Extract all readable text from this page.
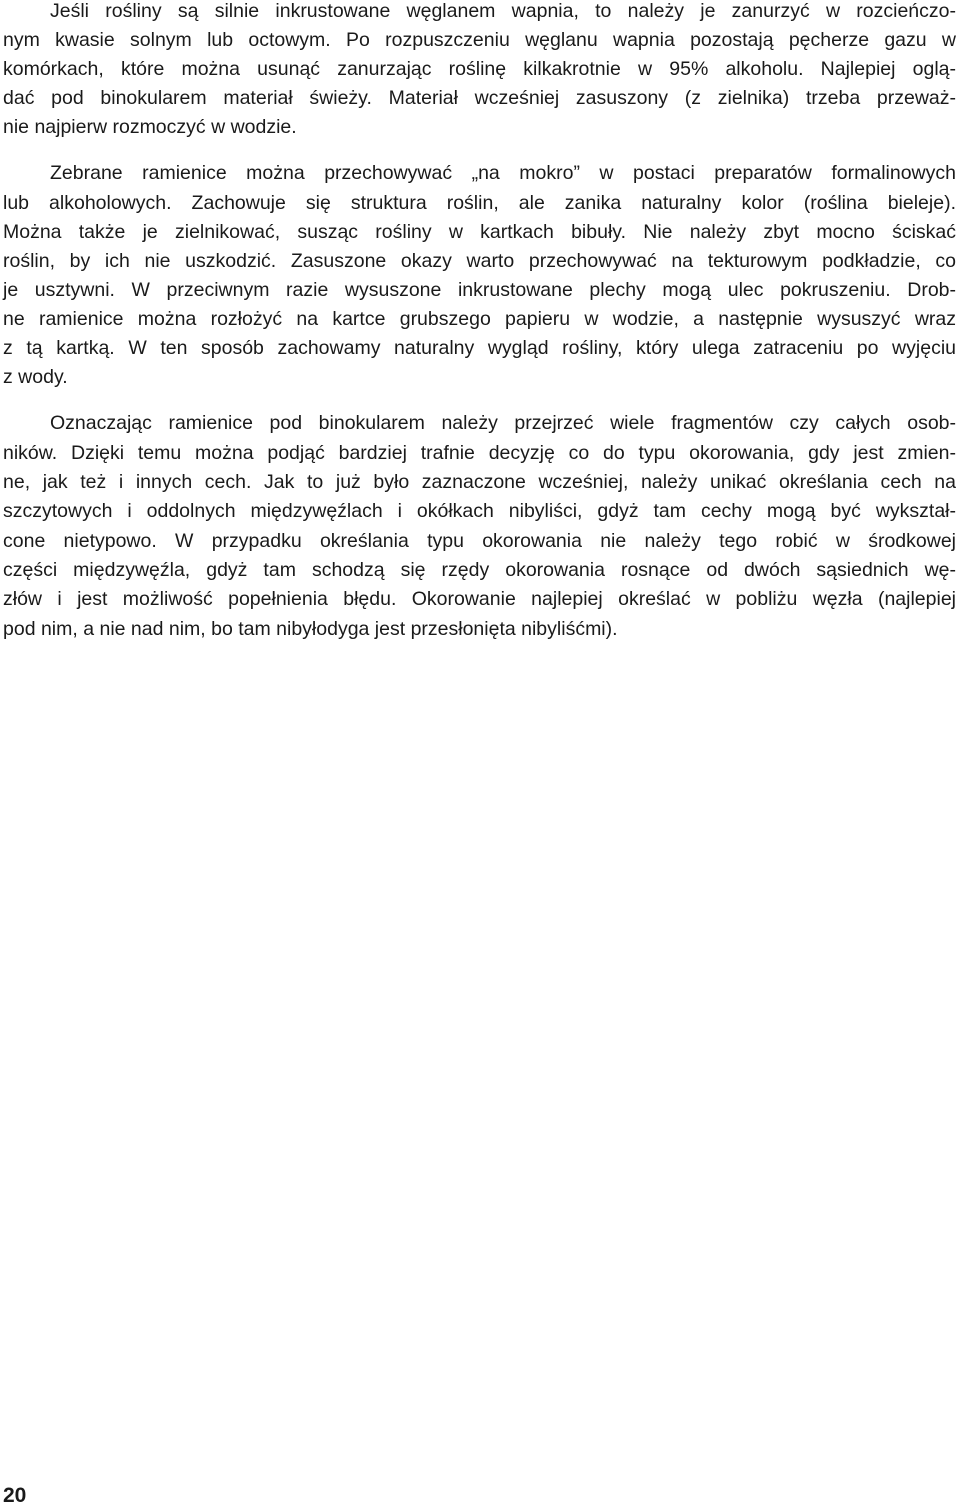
Jeśli rośliny są silnie inkrustowane węglanem wapnia, to należy je zanurzyć w rozcieńczo-
nym kwasie solnym lub octowym. Po rozpuszczeniu węglanu wapnia pozostają pęcherze gazu w
komórkach, które można usunąć zanurzając roślinę kilkakrotnie w 95% alkoholu. Najlepiej oglą-
dać pod binokularem materiał świeży. Materiał wcześniej zasuszony (z zielnika) trzeba przeważ-
nie najpierw rozmoczyć w wodzie.
Zebrane ramienice można przechowywać „na mokro” w postaci preparatów formalinowych
lub alkoholowych. Zachowuje się struktura roślin, ale zanika naturalny kolor (roślina bieleje).
Można także je zielnikować, susząc rośliny w kartkach bibuły. Nie należy zbyt mocno ściskać
roślin, by ich nie uszkodzić. Zasuszone okazy warto przechowywać na tekturowym podkładzie, co
je usztywni. W przeciwnym razie wysuszone inkrustowane plechy mogą ulec pokruszeniu. Drob-
ne ramienice można rozłożyć na kartce grubszego papieru w wodzie, a następnie wysuszyć wraz
z tą kartką. W ten sposób zachowamy naturalny wygląd rośliny, który ulega zatraceniu po wyjęciu
z wody.
Oznaczając ramienice pod binokularem należy przejrzeć wiele fragmentów czy całych osob-
ników. Dzięki temu można podjąć bardziej trafnie decyzję co do typu okorowania, gdy jest zmien-
ne, jak też i innych cech. Jak to już było zaznaczone wcześniej, należy unikać określania cech na
szczytowych i oddolnych międzywęźlach i okółkach nibyliści, gdyż tam cechy mogą być wykształ-
cone nietypowo. W przypadku określania typu okorowania nie należy tego robić w środkowej
części międzywęźla, gdyż tam schodzą się rzędy okorowania rosnące od dwóch sąsiednich wę-
złów i jest możliwość popełnienia błędu. Okorowanie najlepiej określać w pobliżu węzła (najlepiej
pod nim, a nie nad nim, bo tam nibyłodyga jest przesłonięta nibyliśćmi).
20
